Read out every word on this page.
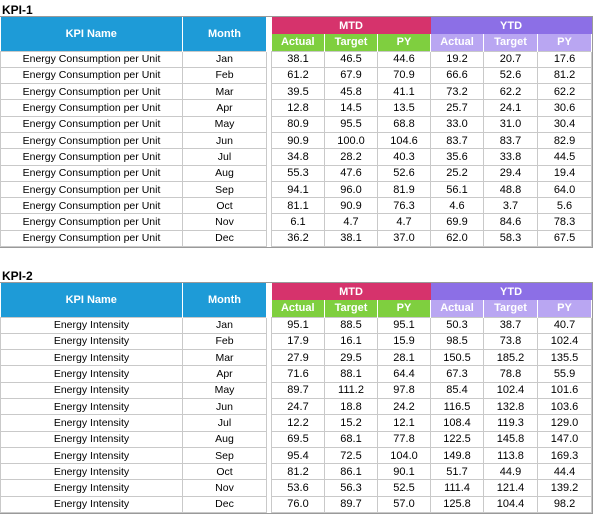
KPI-1
KPI Name	Month		MTD			YTD		
			Actual	Target	PY	Actual	Target	PY
Energy Consumption per Unit	Jan		38.1	46.5	44.6	19.2	20.7	17.6
Energy Consumption per Unit	Feb		61.2	67.9	70.9	66.6	52.6	81.2
Energy Consumption per Unit	Mar		39.5	45.8	41.1	73.2	62.2	62.2
Energy Consumption per Unit	Apr		12.8	14.5	13.5	25.7	24.1	30.6
Energy Consumption per Unit	May		80.9	95.5	68.8	33.0	31.0	30.4
Energy Consumption per Unit	Jun		90.9	100.0	104.6	83.7	83.7	82.9
Energy Consumption per Unit	Jul		34.8	28.2	40.3	35.6	33.8	44.5
Energy Consumption per Unit	Aug		55.3	47.6	52.6	25.2	29.4	19.4
Energy Consumption per Unit	Sep		94.1	96.0	81.9	56.1	48.8	64.0
Energy Consumption per Unit	Oct		81.1	90.9	76.3	4.6	3.7	5.6
Energy Consumption per Unit	Nov		6.1	4.7	4.7	69.9	84.6	78.3
Energy Consumption per Unit	Dec		36.2	38.1	37.0	62.0	58.3	67.5
KPI-2
KPI Name	Month		MTD			YTD		
			Actual	Target	PY	Actual	Target	PY
Energy Intensity	Jan		95.1	88.5	95.1	50.3	38.7	40.7
Energy Intensity	Feb		17.9	16.1	15.9	98.5	73.8	102.4
Energy Intensity	Mar		27.9	29.5	28.1	150.5	185.2	135.5
Energy Intensity	Apr		71.6	88.1	64.4	67.3	78.8	55.9
Energy Intensity	May		89.7	111.2	97.8	85.4	102.4	101.6
Energy Intensity	Jun		24.7	18.8	24.2	116.5	132.8	103.6
Energy Intensity	Jul		12.2	15.2	12.1	108.4	119.3	129.0
Energy Intensity	Aug		69.5	68.1	77.8	122.5	145.8	147.0
Energy Intensity	Sep		95.4	72.5	104.0	149.8	113.8	169.3
Energy Intensity	Oct		81.2	86.1	90.1	51.7	44.9	44.4
Energy Intensity	Nov		53.6	56.3	52.5	111.4	121.4	139.2
Energy Intensity	Dec		76.0	89.7	57.0	125.8	104.4	98.2
